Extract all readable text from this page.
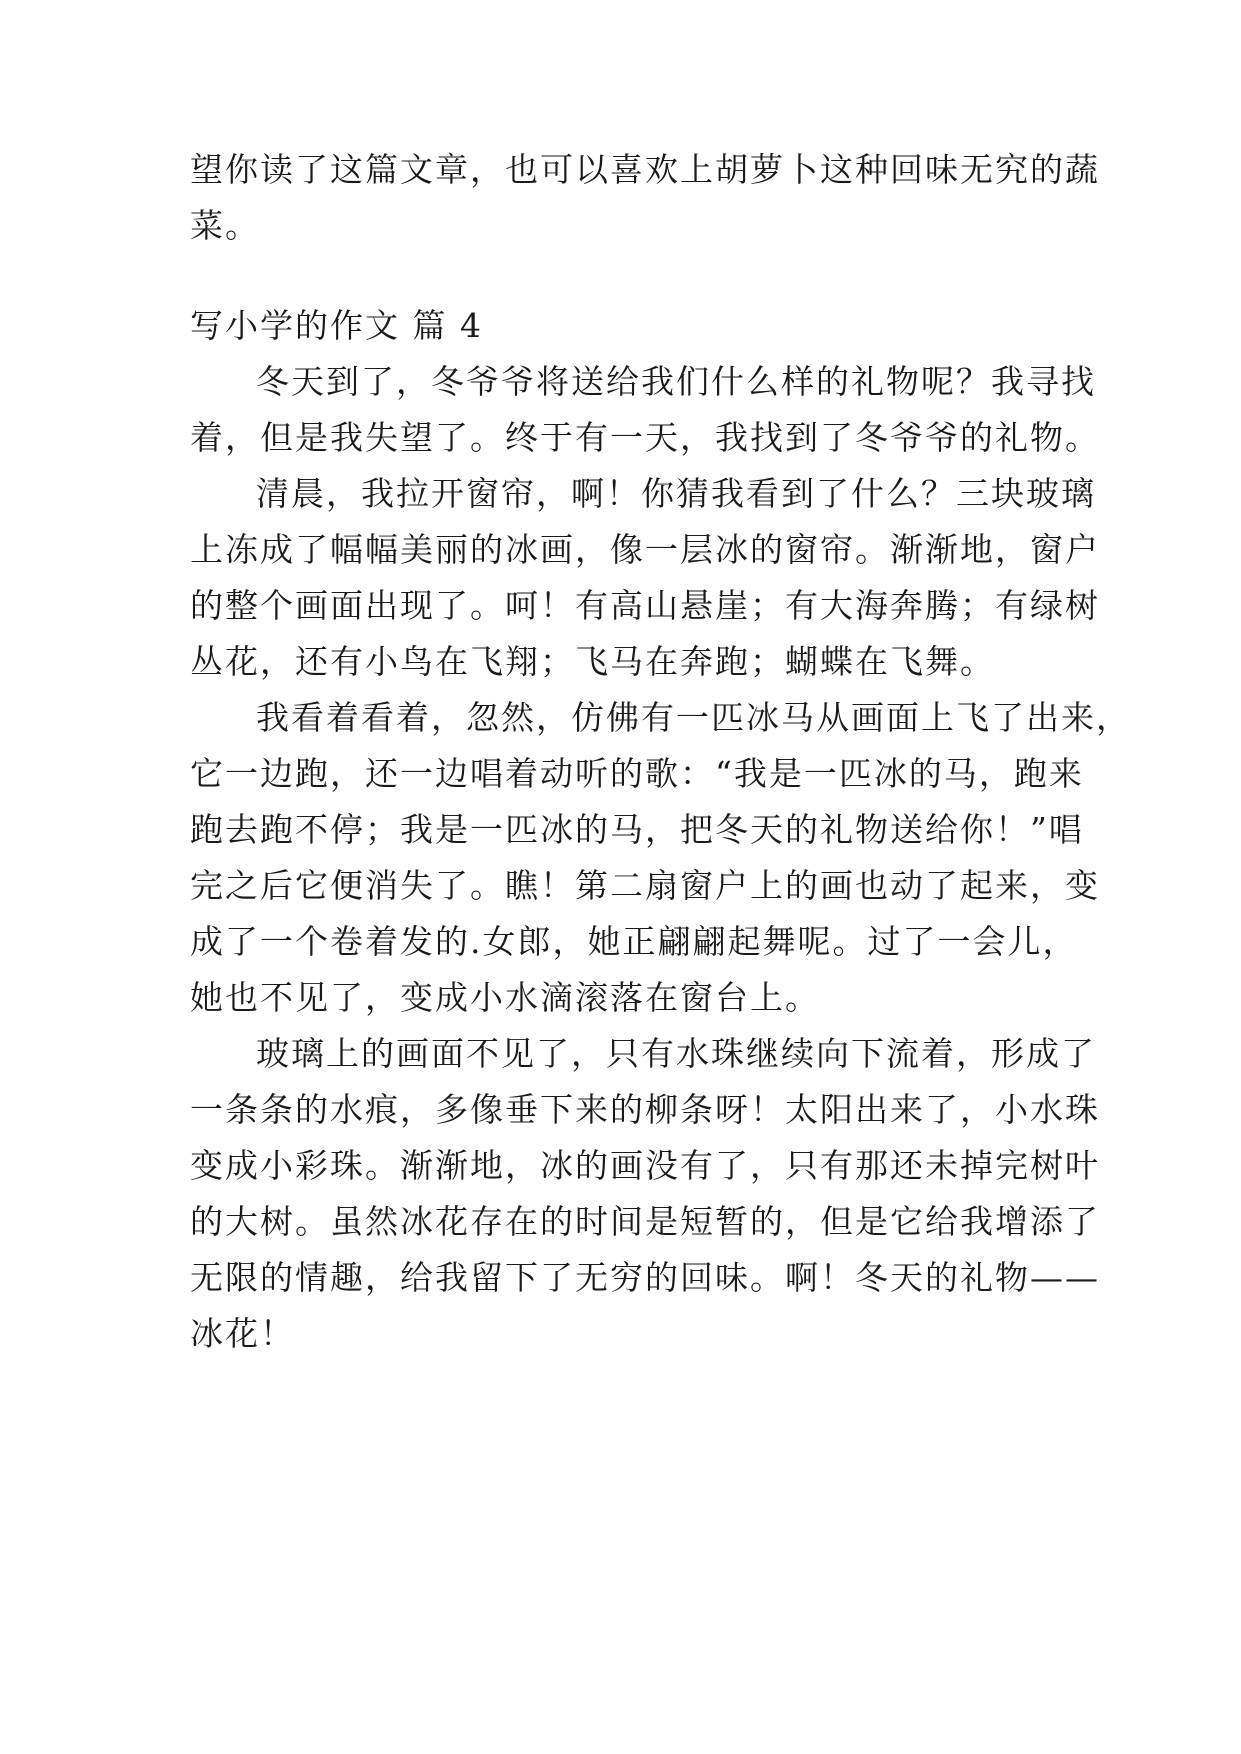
望你读了这篇文章，也可以喜欢上胡萝卜这种回味无究的蔬
菜。
写小学的作文 篇 4
冬天到了，冬爷爷将送给我们什么样的礼物呢？我寻找
着，但是我失望了。终于有一天，我找到了冬爷爷的礼物。
清晨，我拉开窗帘，啊！你猜我看到了什么？三块玻璃
上冻成了幅幅美丽的冰画，像一层冰的窗帘。渐渐地，窗户
的整个画面出现了。呵！有高山悬崖；有大海奔腾；有绿树
丛花，还有小鸟在飞翔；飞马在奔跑；蝴蝶在飞舞。
我看着看着，忽然，仿佛有一匹冰马从画面上飞了出来，
它一边跑，还一边唱着动听的歌：“我是一匹冰的马，跑来
跑去跑不停；我是一匹冰的马，把冬天的礼物送给你！”唱
完之后它便消失了。瞧！第二扇窗户上的画也动了起来，变
成了一个卷着发的.女郎，她正翩翩起舞呢。过了一会儿，
她也不见了，变成小水滴滚落在窗台上。
玻璃上的画面不见了，只有水珠继续向下流着，形成了
一条条的水痕，多像垂下来的柳条呀！太阳出来了，小水珠
变成小彩珠。渐渐地，冰的画没有了，只有那还未掉完树叶
的大树。虽然冰花存在的时间是短暂的，但是它给我增添了
无限的情趣，给我留下了无穷的回味。啊！冬天的礼物——
冰花！
